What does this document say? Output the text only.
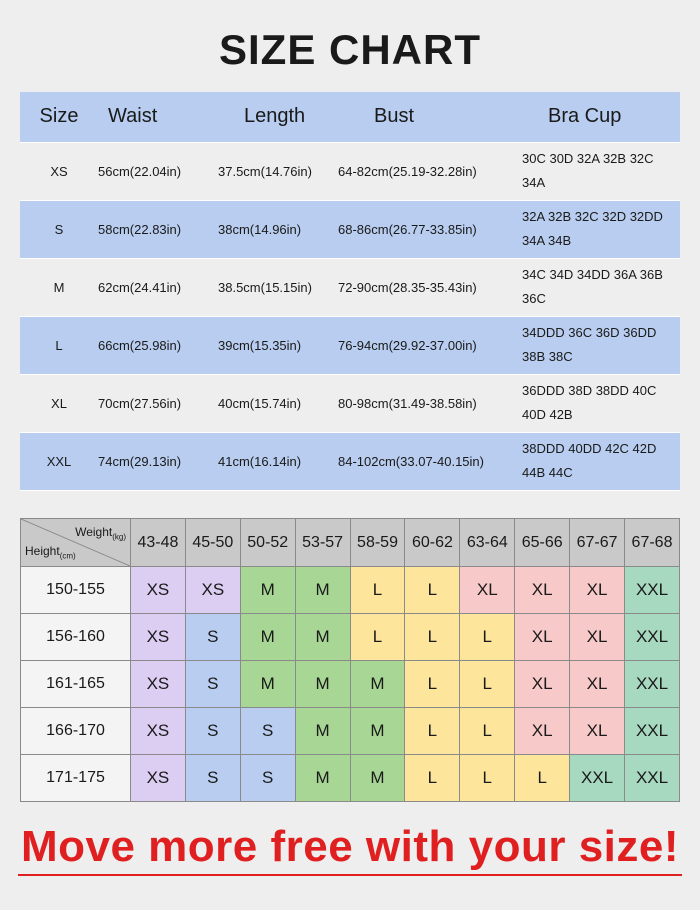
SIZE CHART
Size	Waist	Length	Bust	Bra Cup
XS	56cm(22.04in)	37.5cm(14.76in)	64-82cm(25.19-32.28in)	30C 30D 32A 32B 32C
34A

S	58cm(22.83in)	38cm(14.96in)	68-86cm(26.77-33.85in)	32A 32B 32C 32D 32DD
34A 34B

M	62cm(24.41in)	38.5cm(15.15in)	72-90cm(28.35-35.43in)	34C 34D 34DD 36A 36B
36C

L	66cm(25.98in)	39cm(15.35in)	76-94cm(29.92-37.00in)	34DDD 36C 36D 36DD
38B 38C

XL	70cm(27.56in)	40cm(15.74in)	80-98cm(31.49-38.58in)	36DDD 38D 38DD 40C
40D 42B

XXL	74cm(29.13in)	41cm(16.14in)	84-102cm(33.07-40.15in)	38DDD 40DD 42C 42D
44B 44C
Weight$_{(kg)}$
Height$_{(cm)}$	43-48	45-50	50-52	53-57	58-59	60-62	63-64	65-66	67-67	67-68
150-155	XS	XS	M	M	L	L	XL	XL	XL	XXL
156-160	XS	S	M	M	L	L	L	XL	XL	XXL
161-165	XS	S	M	M	M	L	L	XL	XL	XXL
166-170	XS	S	S	M	M	L	L	XL	XL	XXL
171-175	XS	S	S	M	M	L	L	L	XXL	XXL
Move more free with your size!
